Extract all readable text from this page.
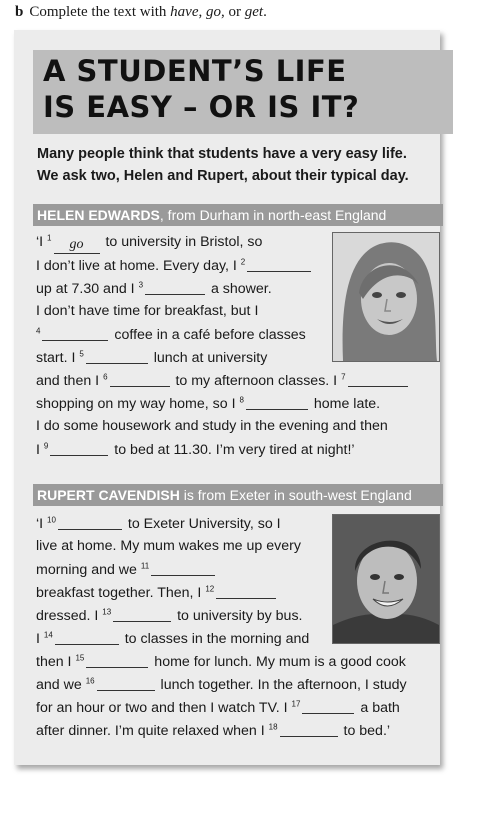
b Complete the text with have, go, or get.
A STUDENT’S LIFE
IS EASY – OR IS IT?
Many people think that students have a very easy life.
We ask two, Helen and Rupert, about their typical day.
HELEN EDWARDS, from Durham in north-east England
‘I $^1$ go to university in Bristol, so
I don’t live at home. Every day, I $^2$
up at 7.30 and I $^3$	a shower.
I don’t have time for breakfast, but I
$^4$	coffee in a café before classes
start. I $^5$	lunch at university
and then I $^6$	to my afternoon classes. I $^7$
shopping on my way home, so I $^8$	home late.
I do some housework and study in the evening and then
I $^9$	to bed at 11.30. I’m very tired at night!’
RUPERT CAVENDISH is from Exeter in south-west England
‘I $^{10}$	to Exeter University, so I
live at home. My mum wakes me up every
morning and we $^{11}$
breakfast together. Then, I $^{12}$
dressed. I $^{13}$	to university by bus.
I $^{14}$	to classes in the morning and
then I $^{15}$	home for lunch. My mum is a good cook
and we $^{16}$	lunch together. In the afternoon, I study
for an hour or two and then I watch TV. I $^{17}$	a bath
after dinner. I’m quite relaxed when I $^{18}$	to bed.’
